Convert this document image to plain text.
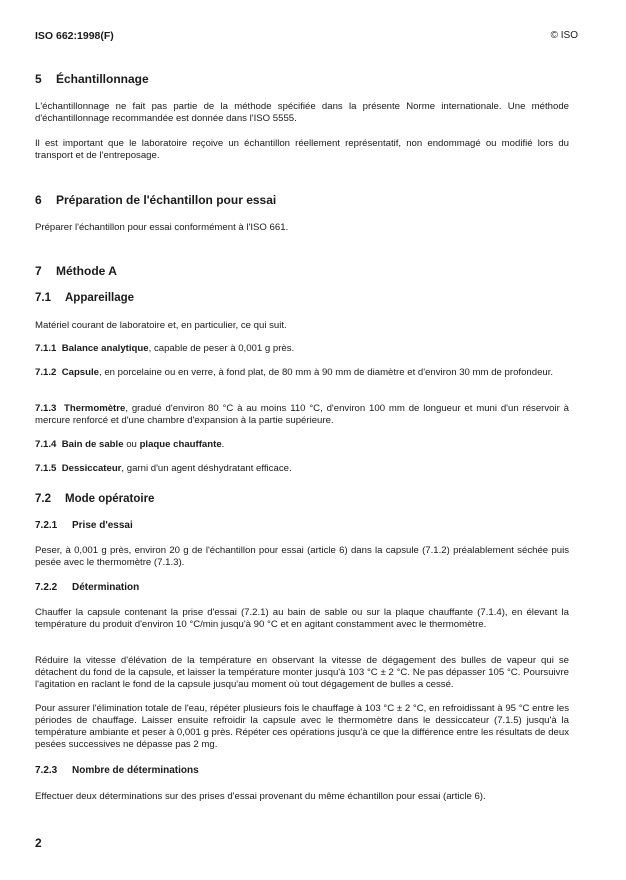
ISO 662:1998(F)	© ISO
5 Échantillonnage
L'échantillonnage ne fait pas partie de la méthode spécifiée dans la présente Norme internationale. Une méthode d'échantillonnage recommandée est donnée dans l'ISO 5555.
Il est important que le laboratoire reçoive un échantillon réellement représentatif, non endommagé ou modifié lors du transport et de l'entreposage.
6 Préparation de l'échantillon pour essai
Préparer l'échantillon pour essai conformément à l'ISO 661.
7 Méthode A
7.1 Appareillage
Matériel courant de laboratoire et, en particulier, ce qui suit.
7.1.1 Balance analytique, capable de peser à 0,001 g près.
7.1.2 Capsule, en porcelaine ou en verre, à fond plat, de 80 mm à 90 mm de diamètre et d'environ 30 mm de profondeur.
7.1.3 Thermomètre, gradué d'environ 80 °C à au moins 110 °C, d'environ 100 mm de longueur et muni d'un réservoir à mercure renforcé et d'une chambre d'expansion à la partie supérieure.
7.1.4 Bain de sable ou plaque chauffante.
7.1.5 Dessiccateur, garni d'un agent déshydratant efficace.
7.2 Mode opératoire
7.2.1 Prise d'essai
Peser, à 0,001 g près, environ 20 g de l'échantillon pour essai (article 6) dans la capsule (7.1.2) préalablement séchée puis pesée avec le thermomètre (7.1.3).
7.2.2 Détermination
Chauffer la capsule contenant la prise d'essai (7.2.1) au bain de sable ou sur la plaque chauffante (7.1.4), en élevant la température du produit d'environ 10 °C/min jusqu'à 90 °C et en agitant constamment avec le thermomètre.
Réduire la vitesse d'élévation de la température en observant la vitesse de dégagement des bulles de vapeur qui se détachent du fond de la capsule, et laisser la température monter jusqu'à 103 °C ± 2 °C. Ne pas dépasser 105 °C. Poursuivre l'agitation en raclant le fond de la capsule jusqu'au moment où tout dégagement de bulles a cessé.
Pour assurer l'élimination totale de l'eau, répéter plusieurs fois le chauffage à 103 °C ± 2 °C, en refroidissant à 95 °C entre les périodes de chauffage. Laisser ensuite refroidir la capsule avec le thermomètre dans le dessiccateur (7.1.5) jusqu'à la température ambiante et peser à 0,001 g près. Répéter ces opérations jusqu'à ce que la différence entre les résultats de deux pesées successives ne dépasse pas 2 mg.
7.2.3 Nombre de déterminations
Effectuer deux déterminations sur des prises d'essai provenant du même échantillon pour essai (article 6).
2
